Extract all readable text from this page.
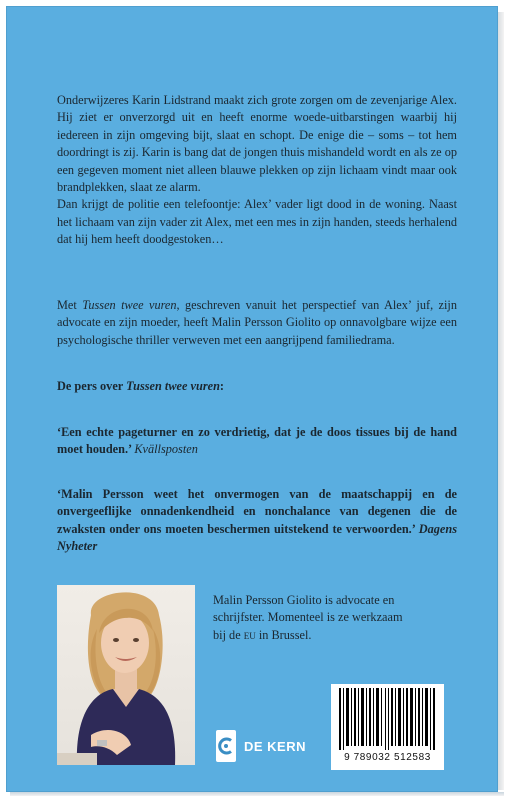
Onderwijzeres Karin Lidstrand maakt zich grote zorgen om de zevenjarige Alex. Hij ziet er onverzorgd uit en heeft enorme woede-uitbarstingen waarbij hij iedereen in zijn omgeving bijt, slaat en schopt. De enige die – soms – tot hem doordringt is zij. Karin is bang dat de jongen thuis mishandeld wordt en als ze op een gegeven moment niet alleen blauwe plekken op zijn lichaam vindt maar ook brandplekken, slaat ze alarm.
Dan krijgt de politie een telefoontje: Alex’ vader ligt dood in de woning. Naast het lichaam van zijn vader zit Alex, met een mes in zijn handen, steeds herhalend dat hij hem heeft doodgestoken…

Met Tussen twee vuren, geschreven vanuit het perspectief van Alex’ juf, zijn advocate en zijn moeder, heeft Malin Persson Giolito op onnavolgbare wijze een psychologische thriller verweven met een aangrijpend familiedrama.

De pers over Tussen twee vuren:

‘Een echte pageturner en zo verdrietig, dat je de doos tissues bij de hand moet houden.’ Kvällsposten

‘Malin Persson weet het onvermogen van de maatschappij en de onvergeeflijke onnadenkendheid en nonchalance van degenen die de zwaksten onder ons moeten beschermen uitstekend te verwoorden.’ Dagens Nyheter

Malin Persson Giolito is advocate en schrijfster. Momenteel is ze werkzaam bij de eu in Brussel.

DE KERN
9 789032 512583
